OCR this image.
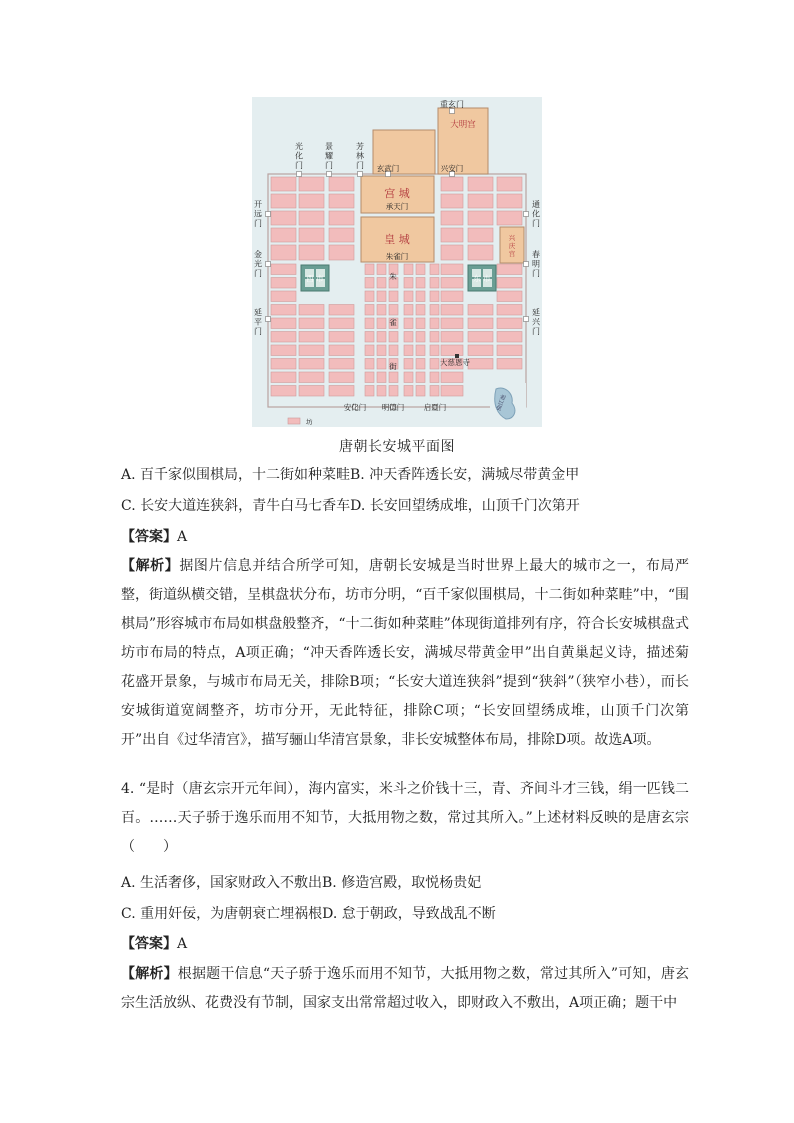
重玄门
大明宫
玄武门	兴安门
宫 城
承天门
皇 城
朱雀门
西 市	东 市
大慈恩寺
安化门 明德门	启夏门
坊
光化门
景耀门
芳林门
开远门
金光门
延平门
通化门
春明门
延兴门
兴庆宫
朱雀街
曲江池
唐朝长安城平面图
A. 百千家似围棋局，十二街如种菜畦B. 冲天香阵透长安，满城尽带黄金甲
C. 长安大道连狭斜，青牛白马七香车D. 长安回望绣成堆，山顶千门次第开
【答案】A
【解析】据图片信息并结合所学可知，唐朝长安城是当时世界上最大的城市之一，布局严整，街道纵横交错，呈棋盘状分布，坊市分明，“百千家似围棋局，十二街如种菜畦”中，“围棋局”形容城市布局如棋盘般整齐，“十二街如种菜畦”体现街道排列有序，符合长安城棋盘式坊市布局的特点，A项正确；“冲天香阵透长安，满城尽带黄金甲”出自黄巢起义诗，描述菊花盛开景象，与城市布局无关，排除B项；“长安大道连狭斜”提到“狭斜”（狭窄小巷），而长安城街道宽阔整齐，坊市分开，无此特征，排除C项；“长安回望绣成堆，山顶千门次第开”出自《过华清宫》，描写骊山华清宫景象，非长安城整体布局，排除D项。故选A项。
4. “是时（唐玄宗开元年间），海内富实，米斗之价钱十三，青、齐间斗才三钱，绢一匹钱二百。……天子骄于逸乐而用不知节，大抵用物之数，常过其所入。”上述材料反映的是唐玄宗（　　）
A. 生活奢侈，国家财政入不敷出B. 修造宫殿，取悦杨贵妃
C. 重用奸佞，为唐朝衰亡埋祸根D. 怠于朝政，导致战乱不断
【答案】A
【解析】根据题干信息“天子骄于逸乐而用不知节，大抵用物之数，常过其所入”可知，唐玄宗生活放纵、花费没有节制，国家支出常常超过收入，即财政入不敷出，A项正确；题干中
